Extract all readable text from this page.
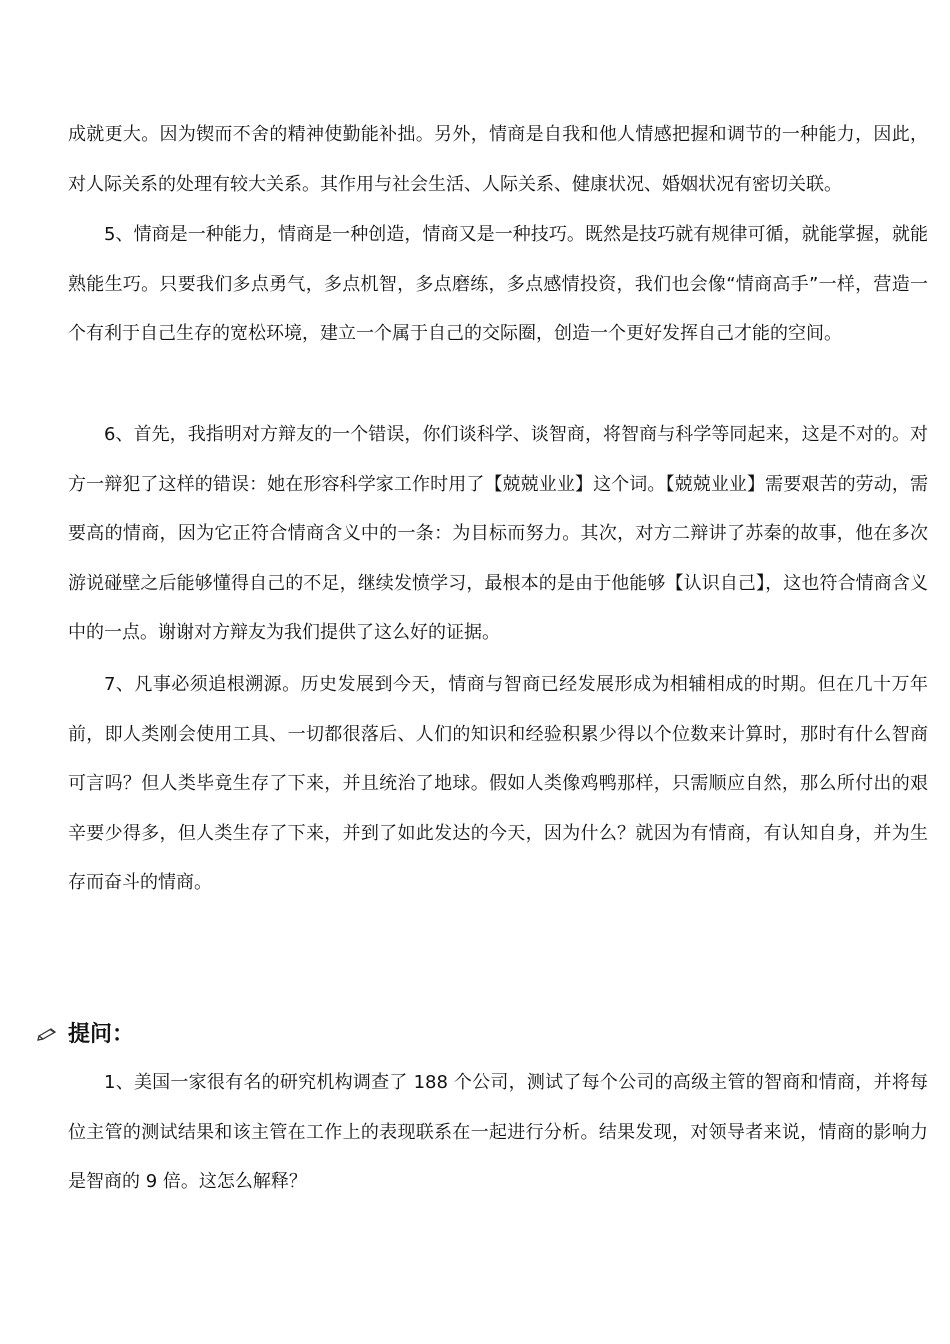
成就更大。因为锲而不舍的精神使勤能补拙。另外，情商是自我和他人情感把握和调节的一种能力，因此，对人际关系的处理有较大关系。其作用与社会生活、人际关系、健康状况、婚姻状况有密切关联。

5、情商是一种能力，情商是一种创造，情商又是一种技巧。既然是技巧就有规律可循，就能掌握，就能熟能生巧。只要我们多点勇气，多点机智，多点磨练，多点感情投资，我们也会像“情商高手”一样，营造一个有利于自己生存的宽松环境，建立一个属于自己的交际圈，创造一个更好发挥自己才能的空间。

6、首先，我指明对方辩友的一个错误，你们谈科学、谈智商，将智商与科学等同起来，这是不对的。对方一辩犯了这样的错误：她在形容科学家工作时用了【兢兢业业】这个词。【兢兢业业】需要艰苦的劳动，需要高的情商，因为它正符合情商含义中的一条：为目标而努力。其次，对方二辩讲了苏秦的故事，他在多次游说碰壁之后能够懂得自己的不足，继续发愤学习，最根本的是由于他能够【认识自己】，这也符合情商含义中的一点。谢谢对方辩友为我们提供了这么好的证据。

7、凡事必须追根溯源。历史发展到今天，情商与智商已经发展形成为相辅相成的时期。但在几十万年前，即人类刚会使用工具、一切都很落后、人们的知识和经验积累少得以个位数来计算时，那时有什么智商可言吗？但人类毕竟生存了下来，并且统治了地球。假如人类像鸡鸭那样，只需顺应自然，那么所付出的艰辛要少得多，但人类生存了下来，并到了如此发达的今天，因为什么？就因为有情商，有认知自身，并为生存而奋斗的情商。

提问：

1、美国一家很有名的研究机构调查了 188 个公司，测试了每个公司的高级主管的智商和情商，并将每位主管的测试结果和该主管在工作上的表现联系在一起进行分析。结果发现，对领导者来说，情商的影响力是智商的 9 倍。这怎么解释？
